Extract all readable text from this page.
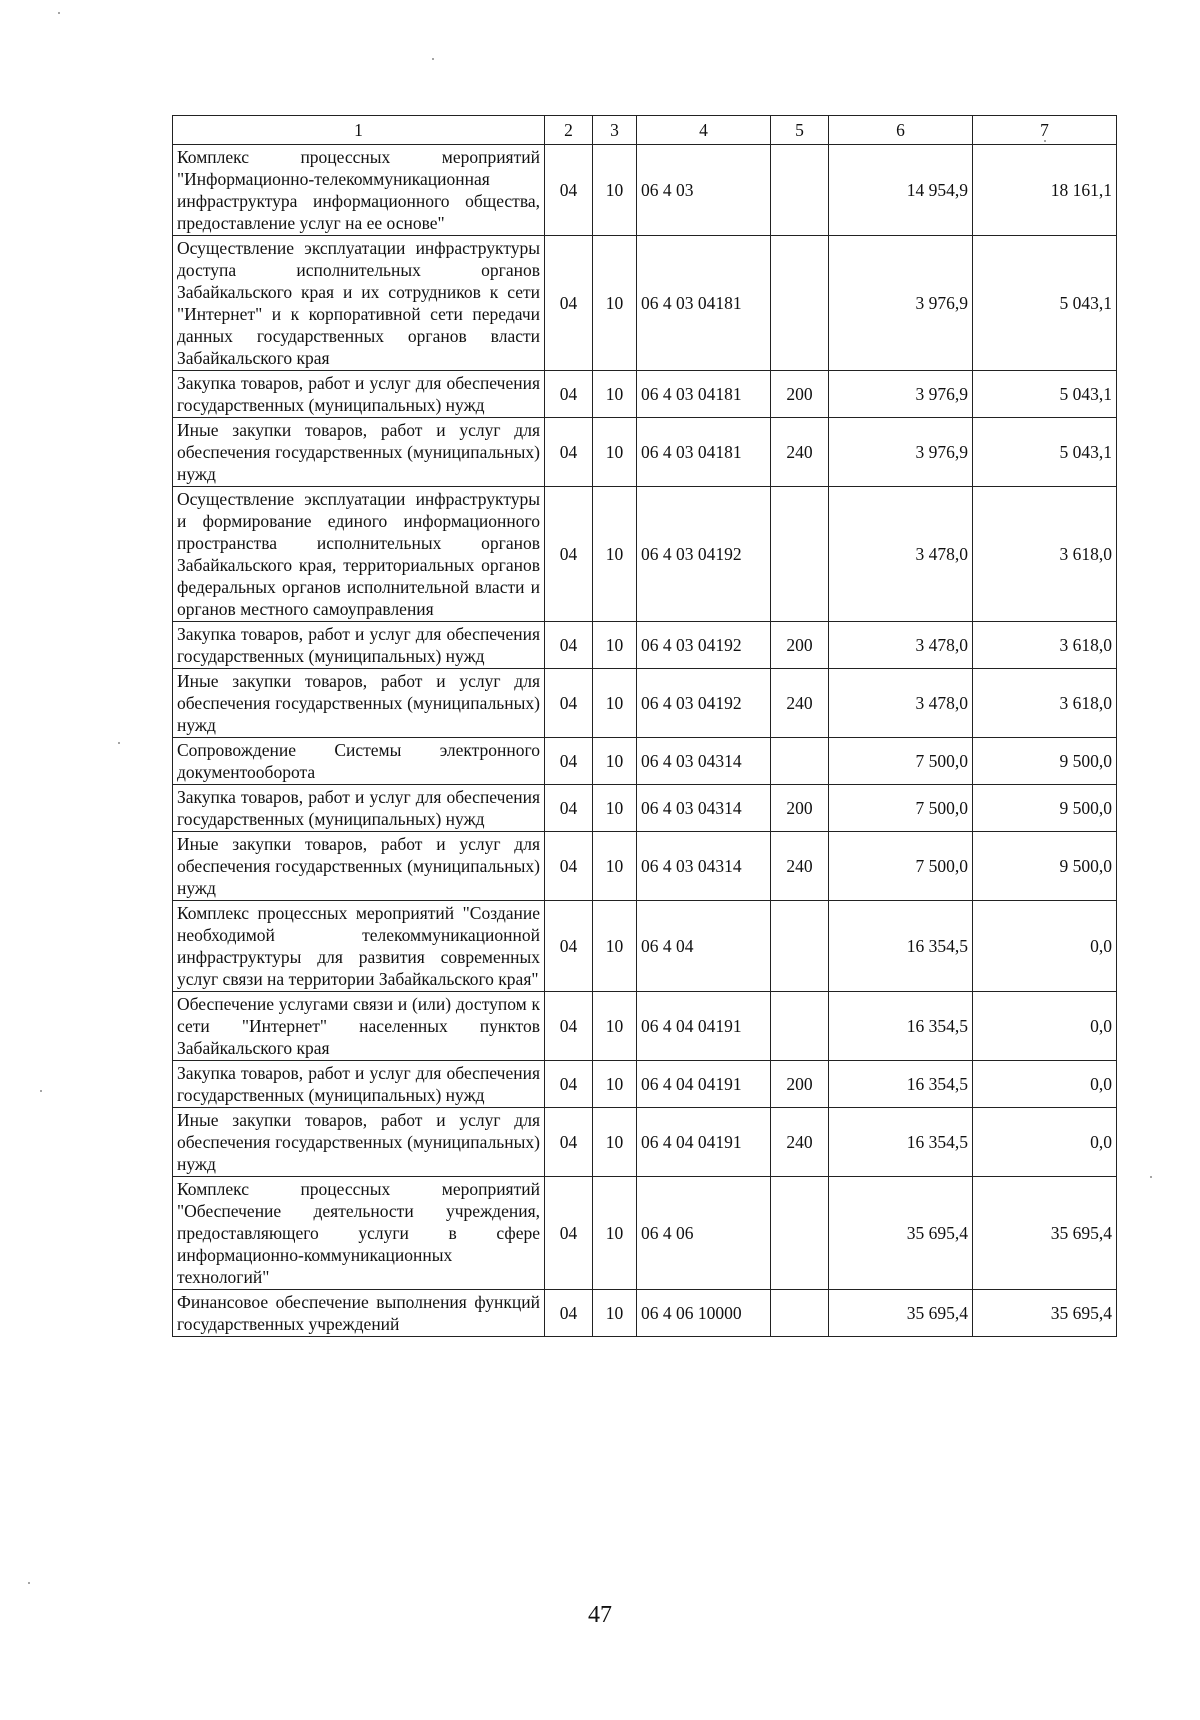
1	2	3	4	5	6	7
Комплекс процессных мероприятий "Информационно-телекоммуникационная инфраструктура информационного общества, предоставление услуг на ее основе"	04	10	06 4 03		14 954,9	18 161,1
Осуществление эксплуатации инфраструктуры доступа исполнительных органов Забайкальского края и их сотрудников к сети "Интернет" и к корпоративной сети передачи данных государственных органов власти Забайкальского края	04	10	06 4 03 04181		3 976,9	5 043,1
Закупка товаров, работ и услуг для обеспечения государственных (муниципальных) нужд	04	10	06 4 03 04181	200	3 976,9	5 043,1
Иные закупки товаров, работ и услуг для обеспечения государственных (муниципальных) нужд	04	10	06 4 03 04181	240	3 976,9	5 043,1
Осуществление эксплуатации инфраструктуры и формирование единого информационного пространства исполнительных органов Забайкальского края, территориальных органов федеральных органов исполнительной власти и органов местного самоуправления	04	10	06 4 03 04192		3 478,0	3 618,0
Закупка товаров, работ и услуг для обеспечения государственных (муниципальных) нужд	04	10	06 4 03 04192	200	3 478,0	3 618,0
Иные закупки товаров, работ и услуг для обеспечения государственных (муниципальных) нужд	04	10	06 4 03 04192	240	3 478,0	3 618,0
Сопровождение Системы электронного документооборота	04	10	06 4 03 04314		7 500,0	9 500,0
Закупка товаров, работ и услуг для обеспечения государственных (муниципальных) нужд	04	10	06 4 03 04314	200	7 500,0	9 500,0
Иные закупки товаров, работ и услуг для обеспечения государственных (муниципальных) нужд	04	10	06 4 03 04314	240	7 500,0	9 500,0
Комплекс процессных мероприятий "Создание необходимой телекоммуникационной инфраструктуры для развития современных услуг связи на территории Забайкальского края"	04	10	06 4 04		16 354,5	0,0
Обеспечение услугами связи и (или) доступом к сети "Интернет" населенных пунктов Забайкальского края	04	10	06 4 04 04191		16 354,5	0,0
Закупка товаров, работ и услуг для обеспечения государственных (муниципальных) нужд	04	10	06 4 04 04191	200	16 354,5	0,0
Иные закупки товаров, работ и услуг для обеспечения государственных (муниципальных) нужд	04	10	06 4 04 04191	240	16 354,5	0,0
Комплекс процессных мероприятий "Обеспечение деятельности учреждения, предоставляющего услуги в сфере информационно-коммуникационных технологий"	04	10	06 4 06		35 695,4	35 695,4
Финансовое обеспечение выполнения функций государственных учреждений	04	10	06 4 06 10000		35 695,4	35 695,4
47
